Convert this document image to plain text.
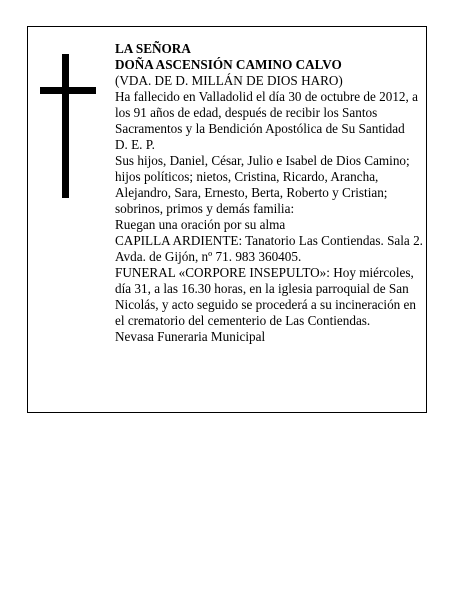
LA SEÑORA

DOÑA ASCENSIÓN CAMINO CALVO

(VDA. DE D. MILLÁN DE DIOS HARO)

Ha fallecido en Valladolid el día 30 de octubre de 2012, a los 91 años de edad, después de recibir los Santos Sacramentos y la Bendición Apostólica de Su Santidad

D. E. P.

Sus hijos, Daniel, César, Julio e Isabel de Dios Camino; hijos políticos; nietos, Cristina, Ricardo, Arancha, Alejandro, Sara, Ernesto, Berta, Roberto y Cristian; sobrinos, primos y demás familia:

Ruegan una oración por su alma

CAPILLA ARDIENTE: Tanatorio Las Contiendas. Sala 2. Avda. de Gijón, nº 71. 983 360405.

FUNERAL «CORPORE INSEPULTO»: Hoy miércoles, día 31, a las 16.30 horas, en la iglesia parroquial de San Nicolás, y acto seguido se procederá a su incineración en el crematorio del cementerio de Las Contiendas.

Nevasa Funeraria Municipal
